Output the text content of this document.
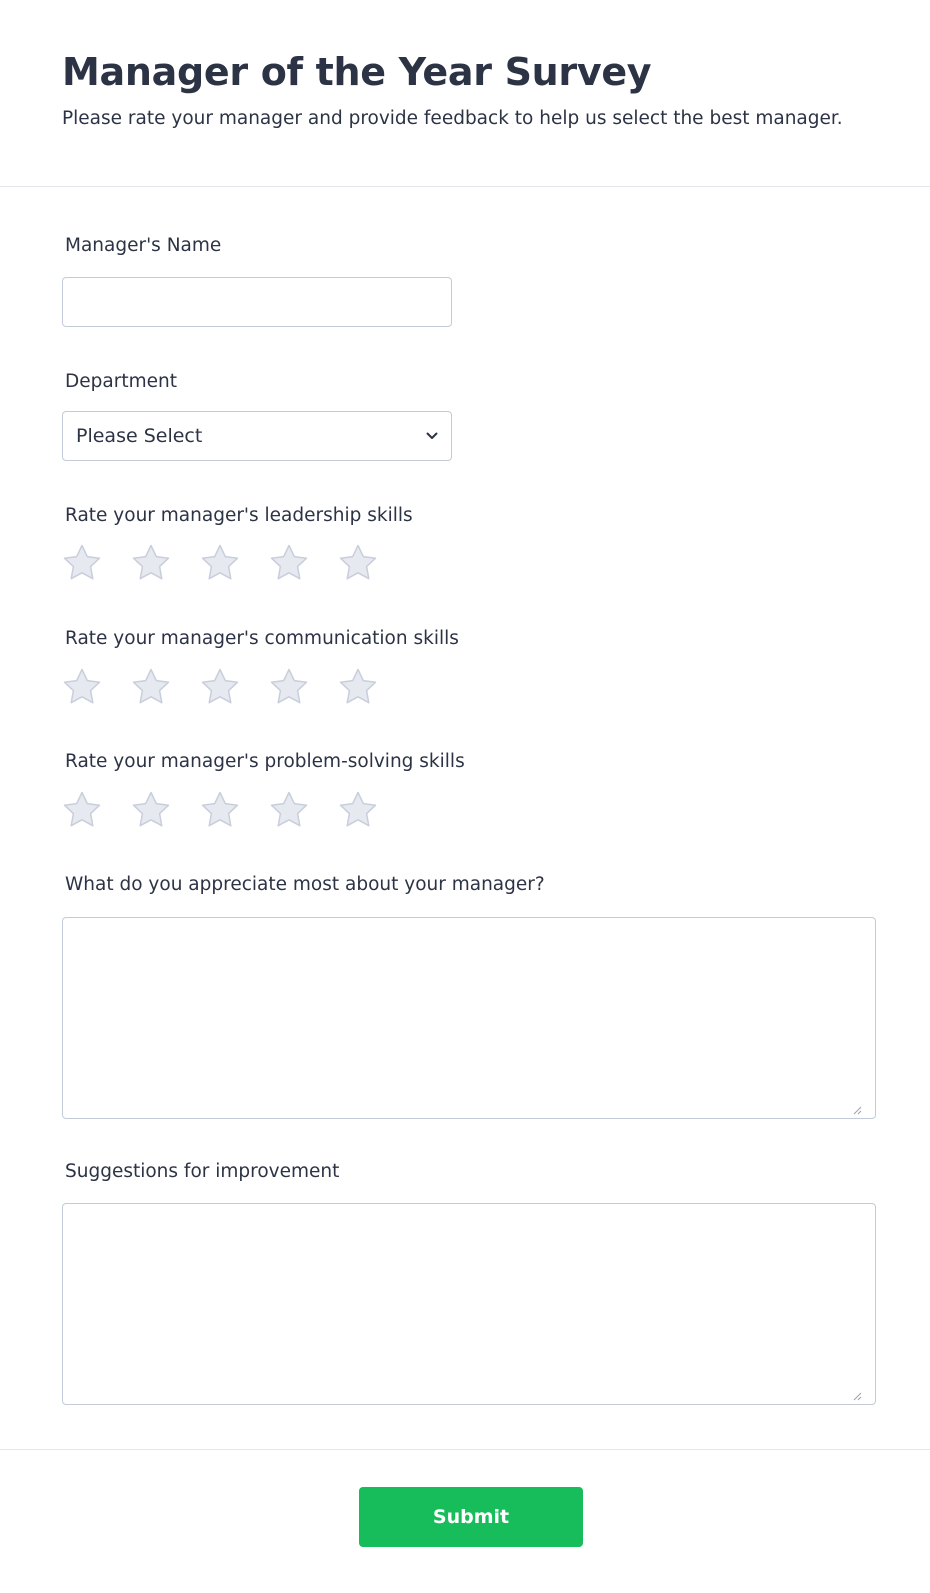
Manager of the Year Survey

Please rate your manager and provide feedback to help us select the best manager.

Manager's Name
Department
Please Select
Rate your manager's leadership skills
Rate your manager's communication skills
Rate your manager's problem-solving skills
What do you appreciate most about your manager?
Suggestions for improvement
Submit
